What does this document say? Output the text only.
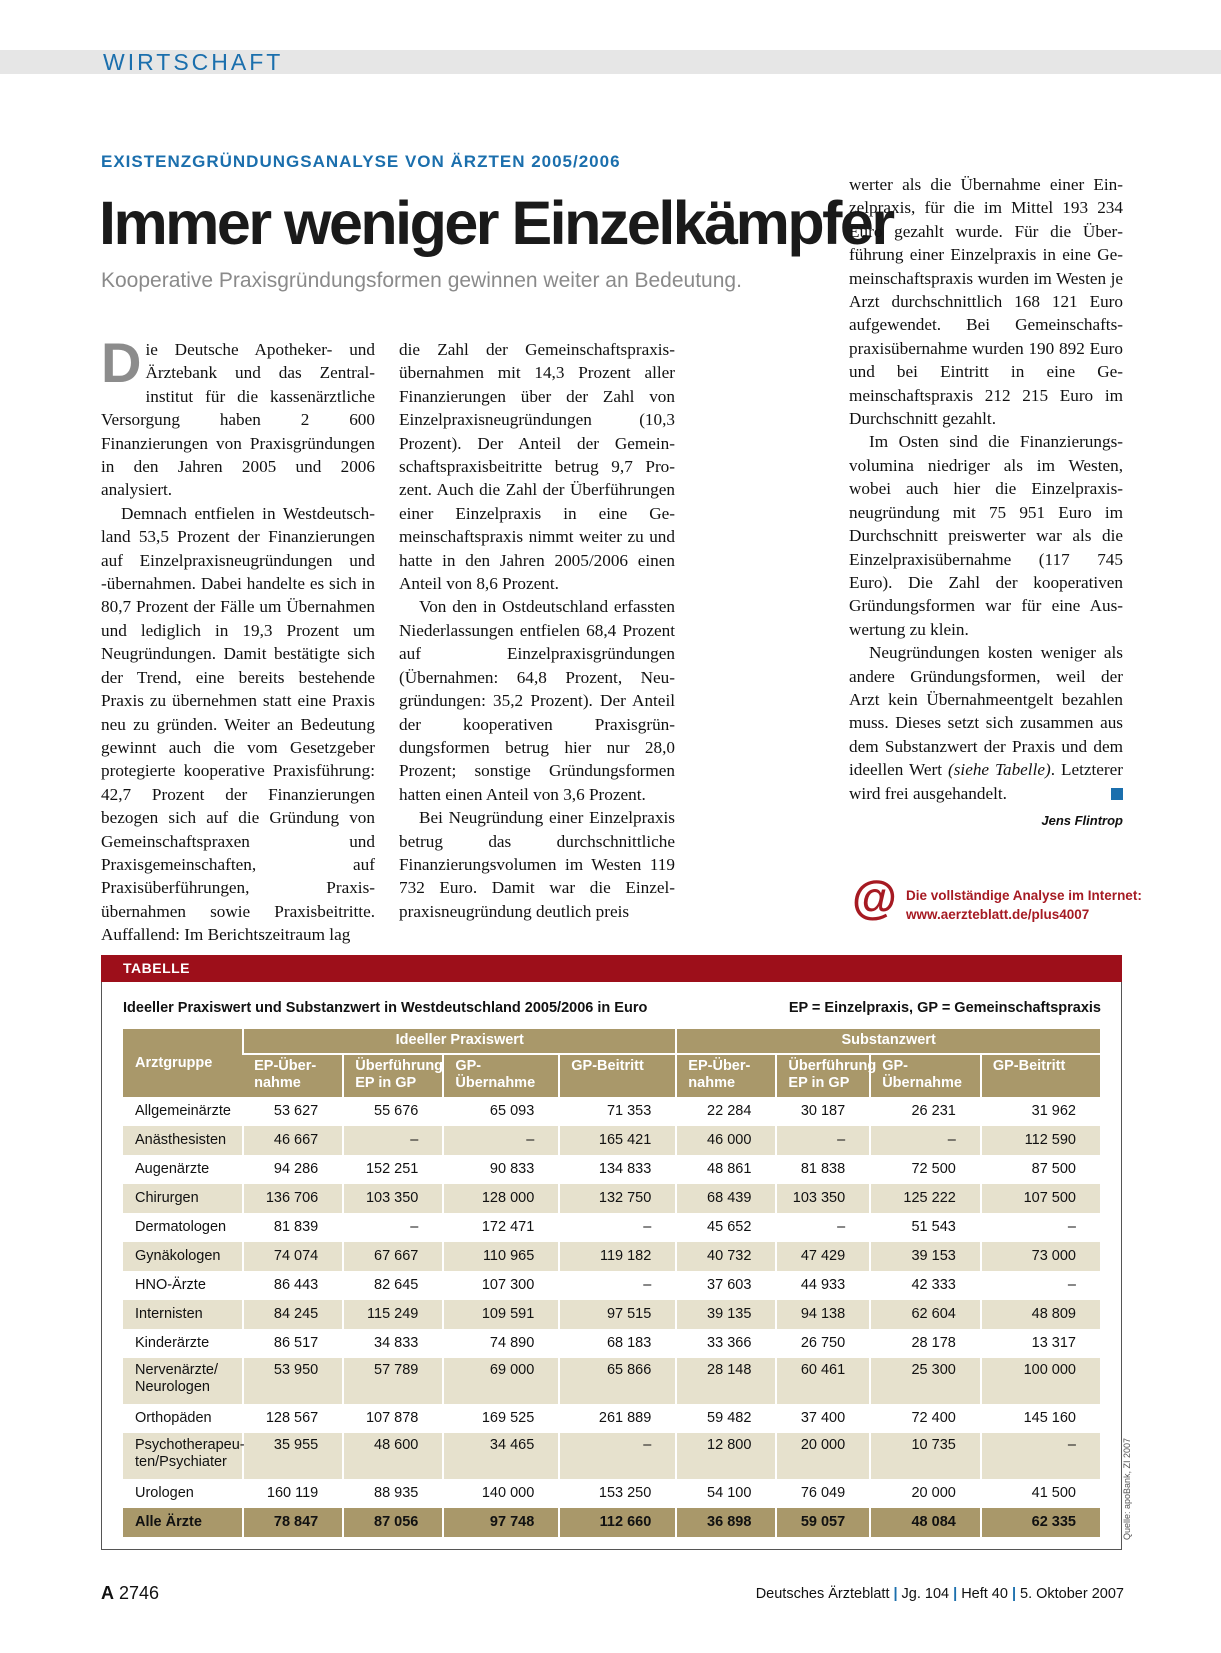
WIRTSCHAFT
EXISTENZGRÜNDUNGSANALYSE VON ÄRZTEN 2005/2006
Immer weniger Einzelkämpfer
Kooperative Praxisgründungsformen gewinnen weiter an Bedeutung.

Die Deutsche Apotheker- und Ärztebank und das Zentralinstitut für die kassenärztliche Versorgung haben 2 600 Finanzierungen von Praxisgründungen in den Jahren 2005 und 2006 analysiert.

Demnach entfielen in Westdeutschland 53,5 Prozent der Finanzierungen auf Einzelpraxisneugründungen und -übernahmen. Dabei handelte es sich in 80,7 Prozent der Fälle um Übernahmen und lediglich in 19,3 Prozent um Neugründungen. Damit bestätigte sich der Trend, eine bereits bestehende Praxis zu übernehmen statt eine Praxis neu zu gründen. Weiter an Bedeutung gewinnt auch die vom Gesetzgeber protegierte kooperative Praxisführung: 42,7 Prozent der Finanzierungen bezogen sich auf die Gründung von Gemeinschaftspraxen und Praxisgemeinschaften, auf Praxisüberführungen, Praxisübernahmen sowie Praxisbeitritte. Auffallend: Im Berichtszeitraum lag

die Zahl der Gemeinschaftspraxisübernahmen mit 14,3 Prozent aller Finanzierungen über der Zahl von Einzelpraxisneugründungen (10,3 Prozent). Der Anteil der Gemeinschaftspraxisbeitritte betrug 9,7 Prozent. Auch die Zahl der Überführungen einer Einzelpraxis in eine Gemeinschaftspraxis nimmt weiter zu und hatte in den Jahren 2005/2006 einen Anteil von 8,6 Prozent.

Von den in Ostdeutschland erfassten Niederlassungen entfielen 68,4 Prozent auf Einzelpraxisgründungen (Übernahmen: 64,8 Prozent, Neugründungen: 35,2 Prozent). Der Anteil der kooperativen Praxisgründungsformen betrug hier nur 28,0 Prozent; sonstige Gründungsformen hatten einen Anteil von 3,6 Prozent.

Bei Neugründung einer Einzelpraxis betrug das durchschnittliche Finanzierungsvolumen im Westen 119 732 Euro. Damit war die Einzelpraxisneugründung deutlich preis

werter als die Übernahme einer Einzelpraxis, für die im Mittel 193 234 Euro gezahlt wurde. Für die Überführung einer Einzelpraxis in eine Gemeinschaftspraxis wurden im Westen je Arzt durchschnittlich 168 121 Euro aufgewendet. Bei Gemeinschaftspraxisübernahme wurden 190 892 Euro und bei Eintritt in eine Gemeinschaftspraxis 212 215 Euro im Durchschnitt gezahlt.

Im Osten sind die Finanzierungsvolumina niedriger als im Westen, wobei auch hier die Einzelpraxisneugründung mit 75 951 Euro im Durchschnitt preiswerter war als die Einzelpraxisübernahme (117 745 Euro). Die Zahl der kooperativen Gründungsformen war für eine Auswertung zu klein.

Neugründungen kosten weniger als andere Gründungsformen, weil der Arzt kein Übernahmeentgelt bezahlen muss. Dieses setzt sich zusammen aus dem Substanzwert der Praxis und dem ideellen Wert (siehe Tabelle). Letzterer wird frei ausgehandelt.

Jens Flintrop
@ Die vollständige Analyse im Internet:
www.aerzteblatt.de/plus4007
TABELLE
Ideeller Praxiswert und Substanzwert in Westdeutschland 2005/2006 in Euro	EP = Einzelpraxis, GP = Gemeinschaftspraxis
Arztgruppe	Ideeller Praxiswert				Substanzwert			
	EP-Übernahme	Überführung EP in GP	GP-Übernahme	GP-Beitritt	EP-Übernahme	Überführung EP in GP	GP-Übernahme	GP-Beitritt
Allgemeinärzte	53 627	55 676	65 093	71 353	22 284	30 187	26 231	31 962
Anästhesisten	46 667	–	–	165 421	46 000	–	–	112 590
Augenärzte	94 286	152 251	90 833	134 833	48 861	81 838	72 500	87 500
Chirurgen	136 706	103 350	128 000	132 750	68 439	103 350	125 222	107 500
Dermatologen	81 839	–	172 471	–	45 652	–	51 543	–
Gynäkologen	74 074	67 667	110 965	119 182	40 732	47 429	39 153	73 000
HNO-Ärzte	86 443	82 645	107 300	–	37 603	44 933	42 333	–
Internisten	84 245	115 249	109 591	97 515	39 135	94 138	62 604	48 809
Kinderärzte	86 517	34 833	74 890	68 183	33 366	26 750	28 178	13 317
Nervenärzte/ Neurologen	53 950	57 789	69 000	65 866	28 148	60 461	25 300	100 000
Orthopäden	128 567	107 878	169 525	261 889	59 482	37 400	72 400	145 160
Psychotherapeuten/Psychiater	35 955	48 600	34 465	–	12 800	20 000	10 735	–
Urologen	160 119	88 935	140 000	153 250	54 100	76 049	20 000	41 500
Alle Ärzte	78 847	87 056	97 748	112 660	36 898	59 057	48 084	62 335	Quelle: apoBank, ZI 2007
A 2746	Deutsches Ärzteblatt | Jg. 104 | Heft 40 | 5. Oktober 2007
